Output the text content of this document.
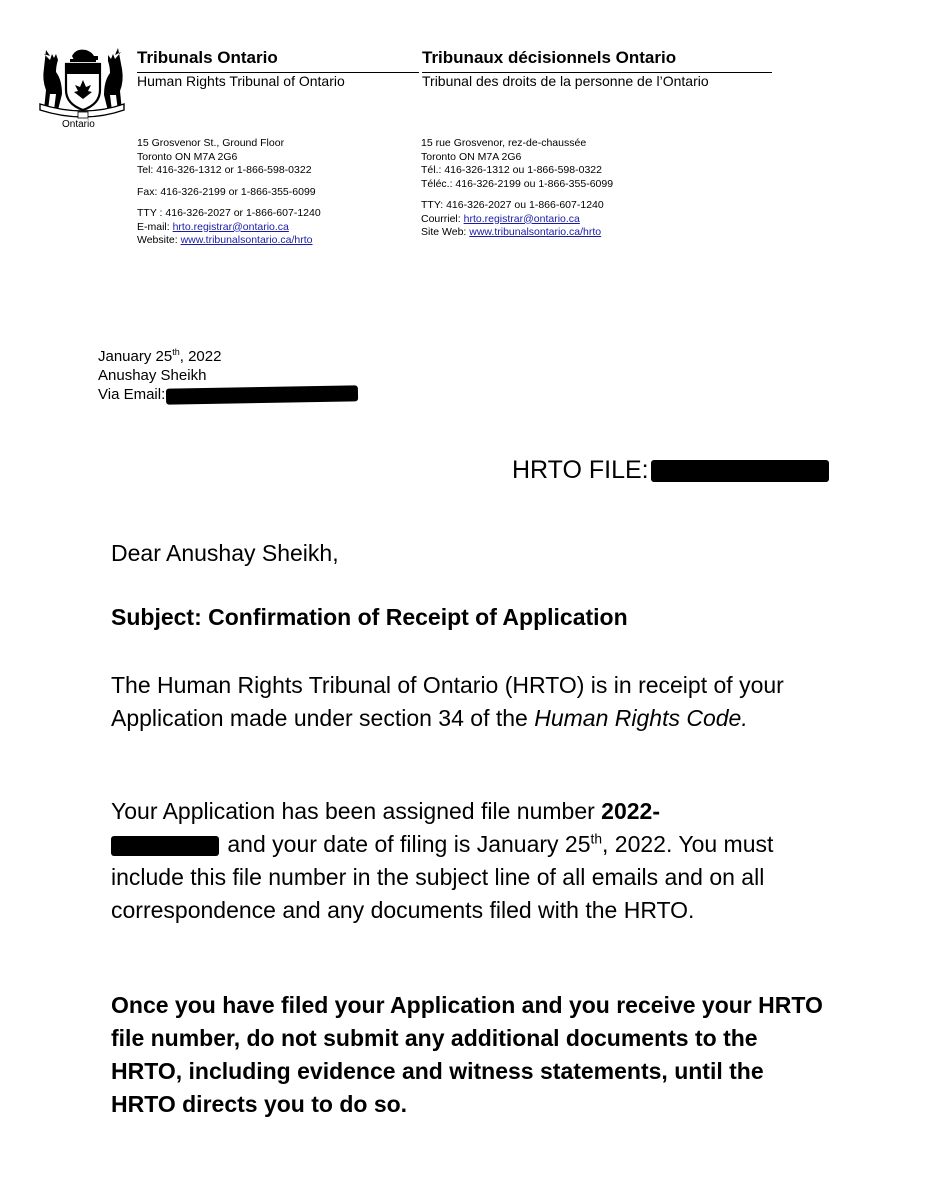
Ontario
Tribunals Ontario
Human Rights Tribunal of Ontario
Tribunaux décisionnels Ontario
Tribunal des droits de la personne de l’Ontario
15 Grosvenor St., Ground Floor
Toronto ON M7A 2G6
Tel: 416-326-1312 or 1-866-598-0322
Fax: 416-326-2199 or 1-866-355-6099
TTY : 416-326-2027 or 1-866-607-1240
E-mail: hrto.registrar@ontario.ca
Website: www.tribunalsontario.ca/hrto
15 rue Grosvenor, rez-de-chaussée
Toronto ON M7A 2G6
Tél.: 416-326-1312 ou 1-866-598-0322
Téléc.: 416-326-2199 ou 1-866-355-6099
TTY: 416-326-2027 ou 1-866-607-1240
Courriel: hrto.registrar@ontario.ca
Site Web: www.tribunalsontario.ca/hrto
January 25th, 2022
Anushay Sheikh
Via Email:
HRTO FILE:
Dear Anushay Sheikh,
Subject: Confirmation of Receipt of Application
The Human Rights Tribunal of Ontario (HRTO) is in receipt of your Application made under section 34 of the Human Rights Code.
Your Application has been assigned file number 2022-
and your date of filing is January 25th, 2022. You must include this file number in the subject line of all emails and on all correspondence and any documents filed with the HRTO.
Once you have filed your Application and you receive your HRTO file number, do not submit any additional documents to the HRTO, including evidence and witness statements, until the HRTO directs you to do so.
